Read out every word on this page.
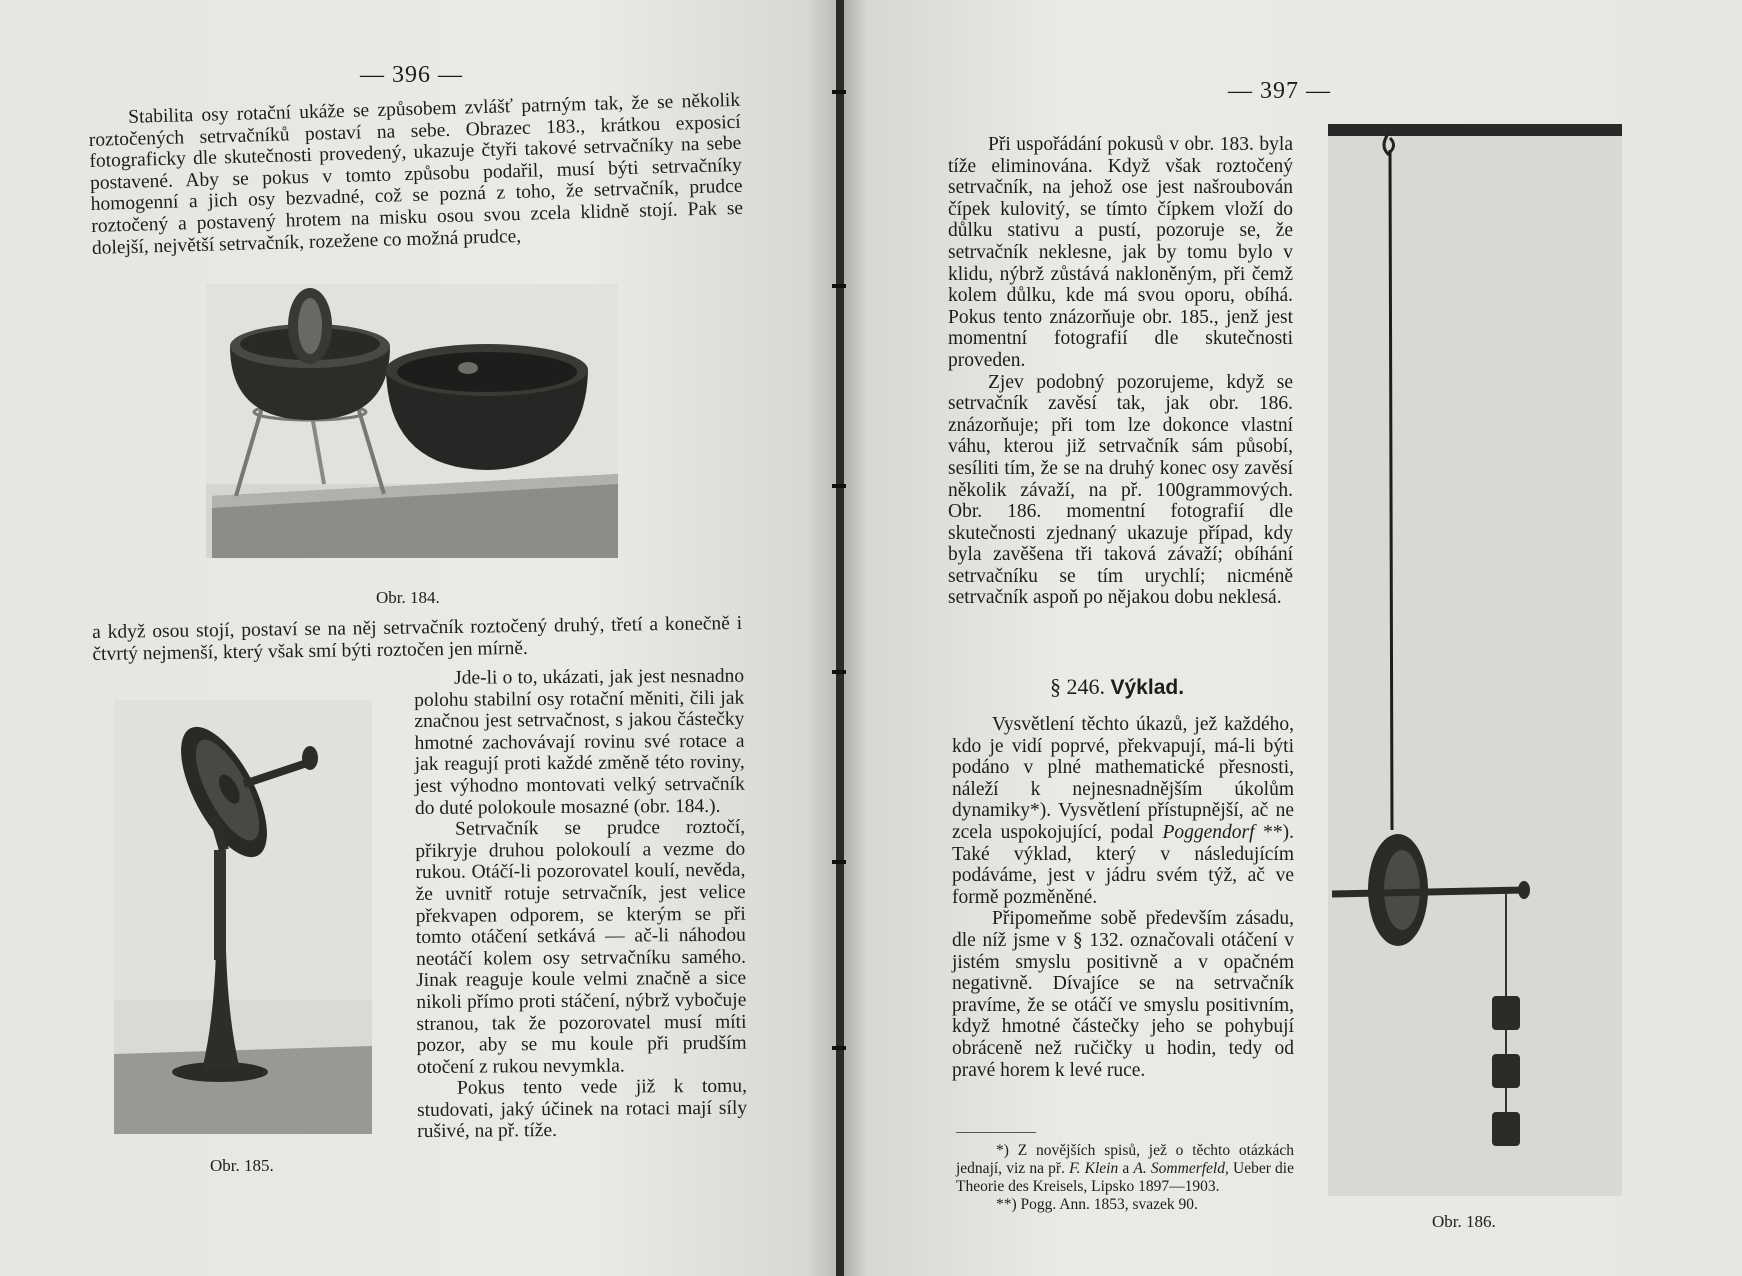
— 396 —

Stabilita osy rotační ukáže se způsobem zvlášť patrným tak, že se několik roztočených setrvačníků postaví na sebe. Obrazec 183., krátkou exposicí fotograficky dle skutečnosti provedený, ukazuje čtyři takové setrvačníky na sebe postavené. Aby se pokus v tomto způsobu podařil, musí býti setrvačníky homogenní a jich osy bezvadné, což se pozná z toho, že setrvačník, prudce roztočený a postavený hrotem na misku osou svou zcela klidně stojí. Pak se dolejší, největší setrvačník, rozežene co možná prudce,

Obr. 184.

a když osou stojí, postaví se na něj setrvačník roztočený druhý, třetí a konečně i čtvrtý nejmenší, který však smí býti roztočen jen mírně.

Jde-li o to, ukázati, jak jest nesnadno polohu stabilní osy rotační měniti, čili jak značnou jest setrvačnost, s jakou částečky hmotné zachovávají rovinu své rotace a jak reagují proti každé změně této roviny, jest výhodno montovati velký setrvačník do duté polokoule mosazné (obr. 184.).

Setrvačník se prudce roztočí, přikryje druhou polokoulí a vezme do rukou. Otáčí-li pozorovatel koulí, nevěda, že uvnitř rotuje setrvačník, jest velice překvapen odporem, se kterým se při tomto otáčení setkává — ač-li náhodou neotáčí kolem osy setrvačníku samého. Jinak reaguje koule velmi značně a sice nikoli přímo proti stáčení, nýbrž vybočuje stranou, tak že pozorovatel musí míti pozor, aby se mu koule při prudším otočení z rukou nevymkla.

Pokus tento vede již k tomu, studovati, jaký účinek na rotaci mají síly rušivé, na př. tíže.

Obr. 185.
— 397 —

Při uspořádání pokusů v obr. 183. byla tíže eliminována. Když však roztočený setrvačník, na jehož ose jest našroubován čípek kulovitý, se tímto čípkem vloží do důlku stativu a pustí, pozoruje se, že setrvačník neklesne, jak by tomu bylo v klidu, nýbrž zůstává nakloněným, při čemž kolem důlku, kde má svou oporu, obíhá. Pokus tento znázorňuje obr. 185., jenž jest momentní fotografií dle skutečnosti proveden.

Zjev podobný pozorujeme, když se setrvačník zavěsí tak, jak obr. 186. znázorňuje; při tom lze dokonce vlastní váhu, kterou již setrvačník sám působí, sesíliti tím, že se na druhý konec osy zavěsí několik závaží, na př. 100grammových. Obr. 186. momentní fotografií dle skutečnosti zjednaný ukazuje případ, kdy byla zavěšena tři taková závaží; obíhání setrvačníku se tím urychlí; nicméně setrvačník aspoň po nějakou dobu neklesá.

§ 246. Výklad.

Vysvětlení těchto úkazů, jež každého, kdo je vidí poprvé, překvapují, má-li býti podáno v plné mathematické přesnosti, náleží k nejnesnadnějším úkolům dynamiky*). Vysvětlení přístupnější, ač ne zcela uspokojující, podal Poggendorf **). Také výklad, který v následujícím podáváme, jest v jádru svém týž, ač ve formě pozměněné.

Připomeňme sobě především zásadu, dle níž jsme v § 132. označovali otáčení v jistém smyslu positivně a v opačném negativně. Dívajíce se na setrvačník pravíme, že se otáčí ve smyslu positivním, když hmotné částečky jeho se pohybují obráceně než ručičky u hodin, tedy od pravé horem k levé ruce.

*) Z novějších spisů, jež o těchto otázkách jednají, viz na př. F. Klein a A. Sommerfeld, Ueber die Theorie des Kreisels, Lipsko 1897—1903.

**) Pogg. Ann. 1853, svazek 90.

Obr. 186.
